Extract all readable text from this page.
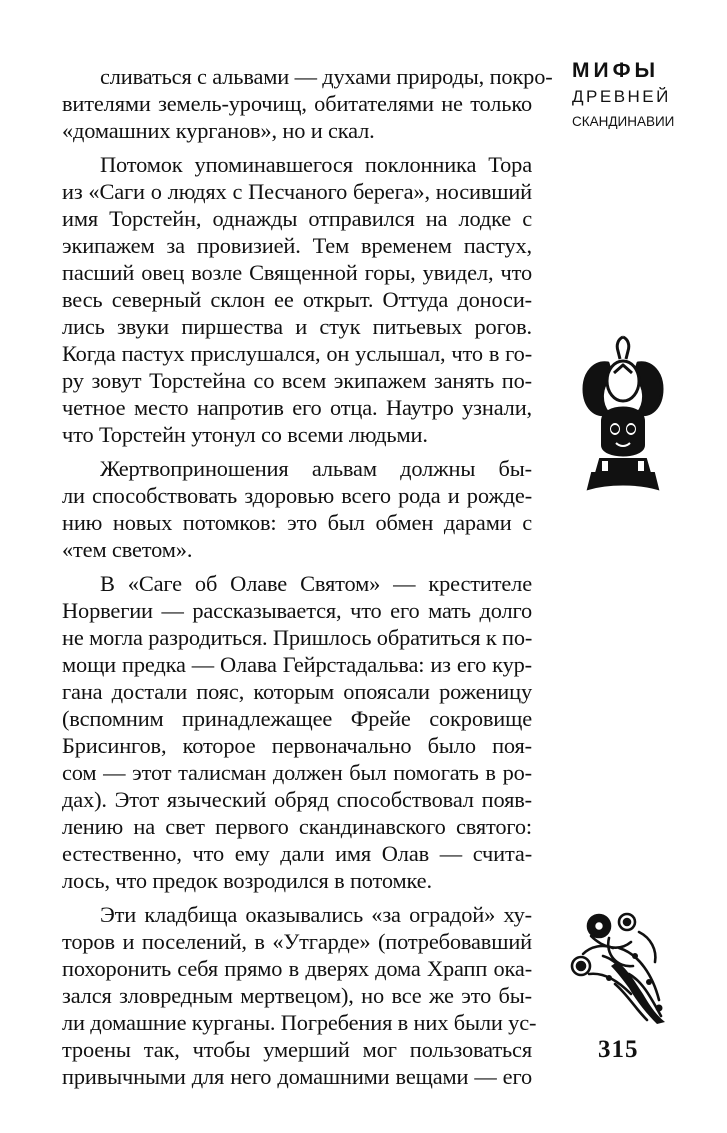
МИФЫ
ДРЕВНЕЙ
СКАНДИНАВИИ
сливаться с альвами — духами природы, покро-
вителями земель-урочищ, обитателями не только
«домашних курганов», но и скал.
Потомок упоминавшегося поклонника Тора
из «Саги о людях с Песчаного берега», носивший
имя Торстейн, однажды отправился на лодке с
экипажем за провизией. Тем временем пастух,
пасший овец возле Священной горы, увидел, что
весь северный склон ее открыт. Оттуда доноси-
лись звуки пиршества и стук питьевых рогов.
Когда пастух прислушался, он услышал, что в го-
ру зовут Торстейна со всем экипажем занять по-
четное место напротив его отца. Наутро узнали,
что Торстейн утонул со всеми людьми.
Жертвоприношения альвам должны бы-
ли способствовать здоровью всего рода и рожде-
нию новых потомков: это был обмен дарами с
«тем светом».
В «Саге об Олаве Святом» — крестителе
Норвегии — рассказывается, что его мать долго
не могла разродиться. Пришлось обратиться к по-
мощи предка — Олава Гейрстадальва: из его кур-
гана достали пояс, которым опоясали роженицу
(вспомним принадлежащее Фрейе сокровище
Брисингов, которое первоначально было поя-
сом — этот талисман должен был помогать в ро-
дах). Этот языческий обряд способствовал появ-
лению на свет первого скандинавского святого:
естественно, что ему дали имя Олав — счита-
лось, что предок возродился в потомке.
Эти кладбища оказывались «за оградой» ху-
торов и поселений, в «Утгарде» (потребовавший
похоронить себя прямо в дверях дома Храпп ока-
зался зловредным мертвецом), но все же это бы-
ли домашние курганы. Погребения в них были ус-
троены так, чтобы умерший мог пользоваться
привычными для него домашними вещами — его
315
